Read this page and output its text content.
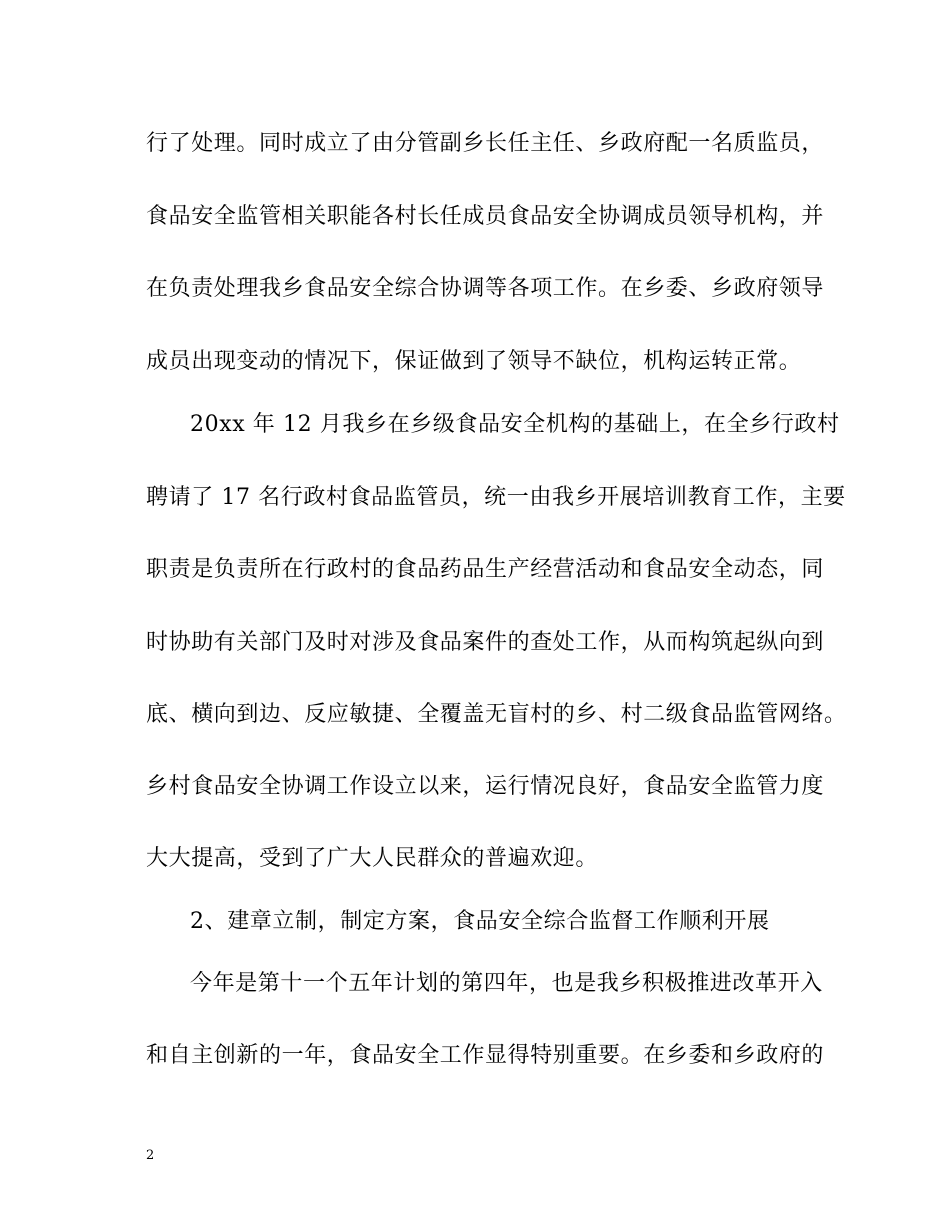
行了处理。同时成立了由分管副乡长任主任、乡政府配一名质监员，
食品安全监管相关职能各村长任成员食品安全协调成员领导机构，并
在负责处理我乡食品安全综合协调等各项工作。在乡委、乡政府领导
成员出现变动的情况下，保证做到了领导不缺位，机构运转正常。
20xx 年 12 月我乡在乡级食品安全机构的基础上，在全乡行政村
聘请了 17 名行政村食品监管员，统一由我乡开展培训教育工作，主要
职责是负责所在行政村的食品药品生产经营活动和食品安全动态，同
时协助有关部门及时对涉及食品案件的查处工作，从而构筑起纵向到
底、横向到边、反应敏捷、全覆盖无盲村的乡、村二级食品监管网络。
乡村食品安全协调工作设立以来，运行情况良好，食品安全监管力度
大大提高，受到了广大人民群众的普遍欢迎。
2、建章立制，制定方案，食品安全综合监督工作顺利开展
今年是第十一个五年计划的第四年，也是我乡积极推进改革开入
和自主创新的一年，食品安全工作显得特别重要。在乡委和乡政府的
2
